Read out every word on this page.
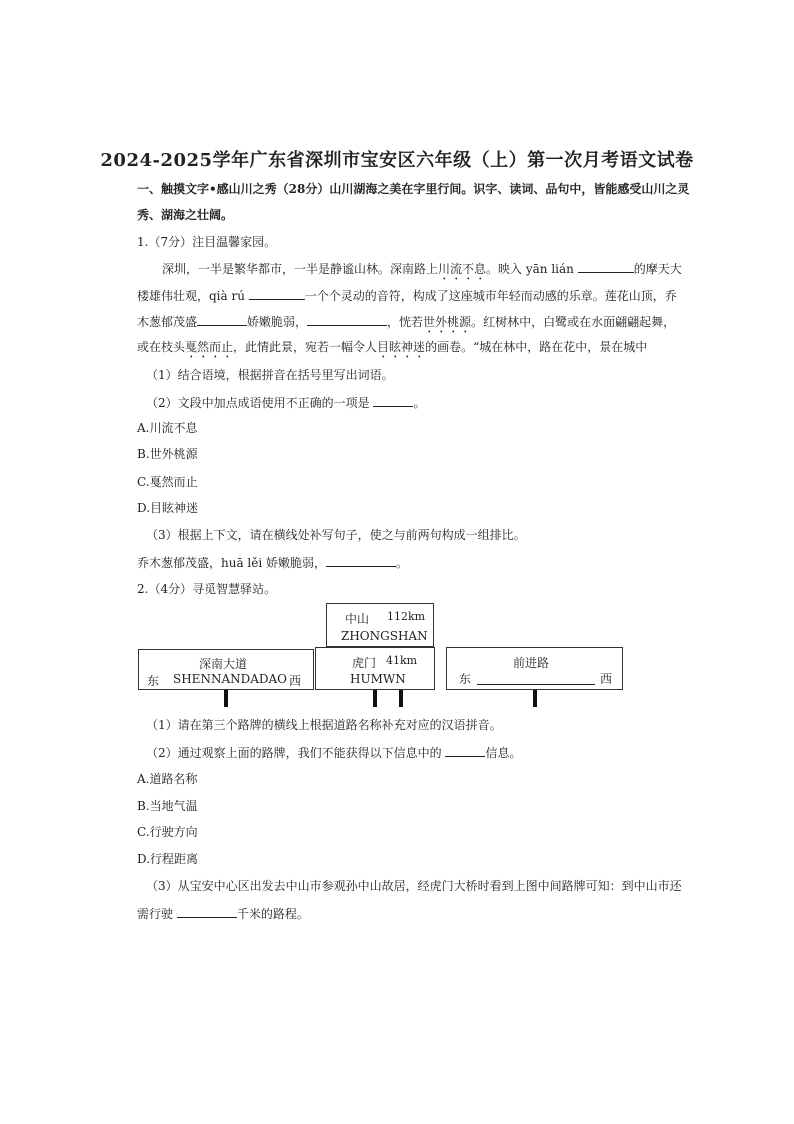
2024-2025学年广东省深圳市宝安区六年级（上）第一次月考语文试卷
一、触摸文字•感山川之秀（28分）山川湖海之美在字里行间。识字、读词、品句中，皆能感受山川之灵
秀、湖海之壮阔。
1.（7分）注目温馨家园。
深圳，一半是繁华都市，一半是静谧山林。深南路上川流不息。映入 yān lián	的摩天大
楼雄伟壮观，qià rú	一个个灵动的音符，构成了这座城市年轻而动感的乐章。莲花山顶，乔
木葱郁茂盛	娇嫩脆弱，	，恍若世外桃源。红树林中，白鹭或在水面翩翩起舞，
或在枝头戛然而止，此情此景，宛若一幅令人目眩神迷的画卷。“城在林中，路在花中，景在城中
（1）结合语境，根据拼音在括号里写出词语。
（2）文段中加点成语使用不正确的一项是	。
A.川流不息
B.世外桃源
C.戛然而止
D.目眩神迷
（3）根据上下文，请在横线处补写句子，使之与前两句构成一组排比。
乔木葱郁茂盛，huā lěi 娇嫩脆弱，	。
2.（4分）寻觅智慧驿站。
中山 112km
ZHONGSHAN
深南大道
东 SHENNANDADAO 西
虎门 41km
HUMWN
前进路
东	西
（1）请在第三个路牌的横线上根据道路名称补充对应的汉语拼音。
（2）通过观察上面的路牌，我们不能获得以下信息中的	信息。
A.道路名称
B.当地气温
C.行驶方向
D.行程距离
（3）从宝安中心区出发去中山市参观孙中山故居，经虎门大桥时看到上图中间路牌可知：到中山市还
需行驶	千米的路程。
